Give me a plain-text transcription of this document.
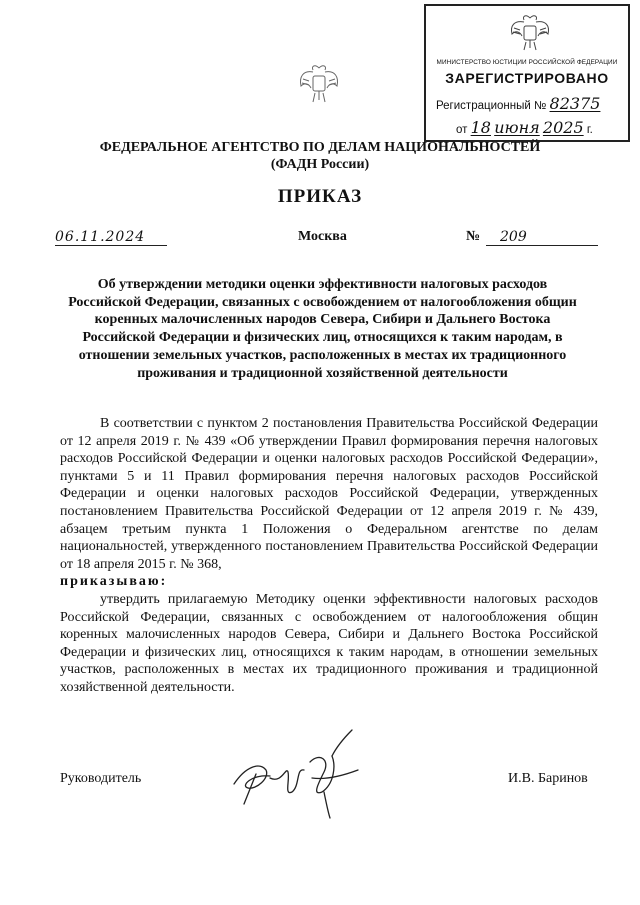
МИНИСТЕРСТВО ЮСТИЦИИ РОССИЙСКОЙ ФЕДЕРАЦИИ
ЗАРЕГИСТРИРОВАНО
Регистрационный № 82375
от 18 июня 2025 г.
ФЕДЕРАЛЬНОЕ АГЕНТСТВО ПО ДЕЛАМ НАЦИОНАЛЬНОСТЕЙ
(ФАДН России)
ПРИКАЗ
06.11.2024	Москва	№	209
Об утверждении методики оценки эффективности налоговых расходов Российской Федерации, связанных с освобождением от налогообложения общин коренных малочисленных народов Севера, Сибири и Дальнего Востока Российской Федерации и физических лиц, относящихся к таким народам, в отношении земельных участков, расположенных в местах их традиционного проживания и традиционной хозяйственной деятельности

В соответствии с пунктом 2 постановления Правительства Российской Федерации от 12 апреля 2019 г. № 439 «Об утверждении Правил формирования перечня налоговых расходов Российской Федерации и оценки налоговых расходов Российской Федерации», пунктами 5 и 11 Правил формирования перечня налоговых расходов Российской Федерации и оценки налоговых расходов Российской Федерации, утвержденных постановлением Правительства Российской Федерации от 12 апреля 2019 г. № 439, абзацем третьим пункта 1 Положения о Федеральном агентстве по делам национальностей, утвержденного постановлением Правительства Российской Федерации от 18 апреля 2015 г. № 368,

приказываю:

утвердить прилагаемую Методику оценки эффективности налоговых расходов Российской Федерации, связанных с освобождением от налогообложения общин коренных малочисленных народов Севера, Сибири и Дальнего Востока Российской Федерации и физических лиц, относящихся к таким народам, в отношении земельных участков, расположенных в местах их традиционного проживания и традиционной хозяйственной деятельности.

Руководитель	И.В. Баринов
